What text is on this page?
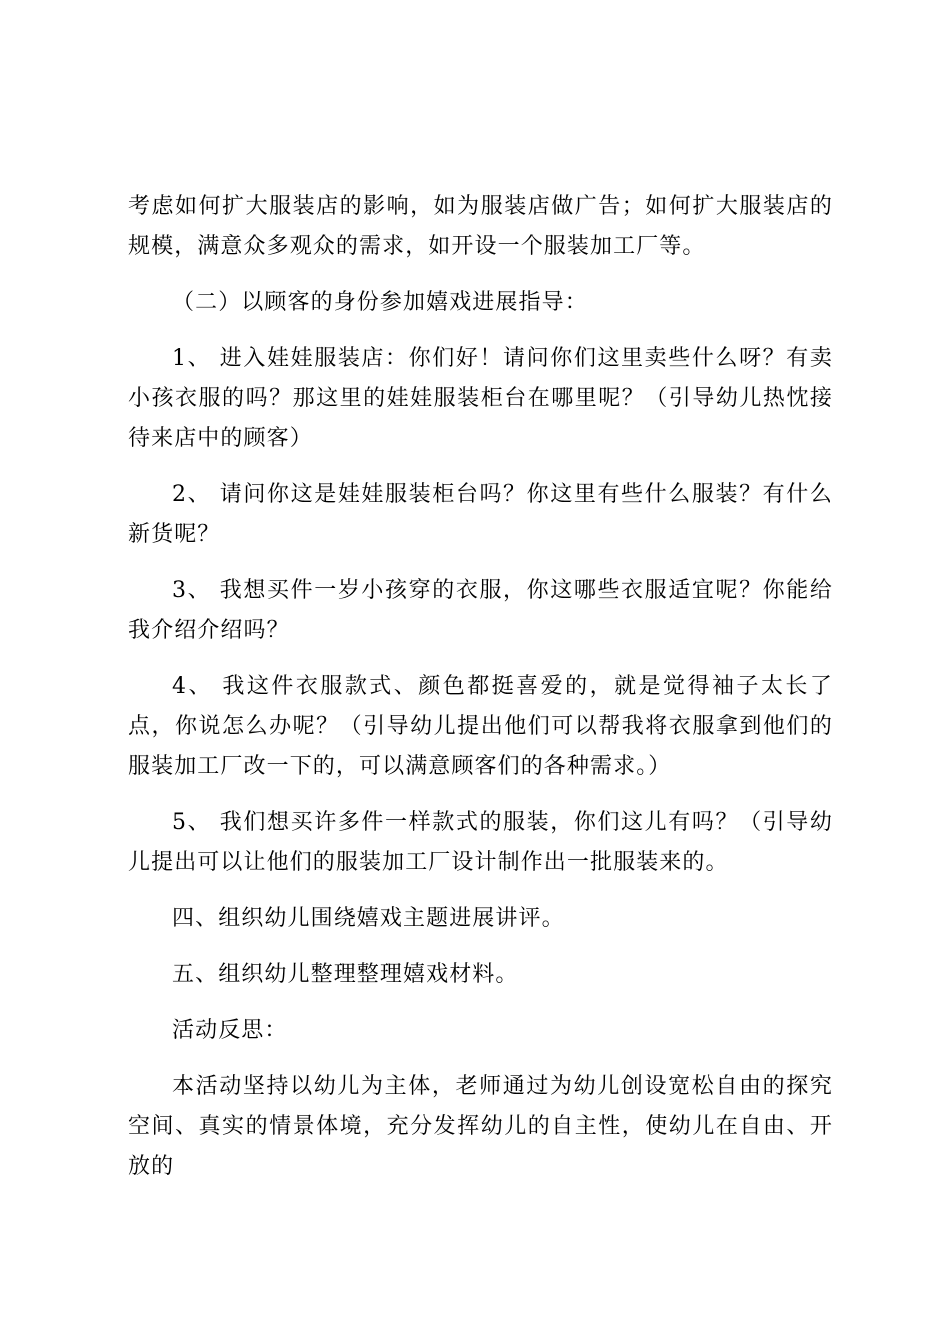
考虑如何扩大服装店的影响，如为服装店做广告；如何扩大服装店的规模，满意众多观众的需求，如开设一个服装加工厂等。

（二）以顾客的身份参加嬉戏进展指导：

1、 进入娃娃服装店：你们好！请问你们这里卖些什么呀？有卖小孩衣服的吗？那这里的娃娃服装柜台在哪里呢？（引导幼儿热忱接待来店中的顾客）

2、 请问你这是娃娃服装柜台吗？你这里有些什么服装？有什么新货呢？

3、 我想买件一岁小孩穿的衣服，你这哪些衣服适宜呢？你能给我介绍介绍吗？

4、 我这件衣服款式、颜色都挺喜爱的，就是觉得袖子太长了点，你说怎么办呢？（引导幼儿提出他们可以帮我将衣服拿到他们的服装加工厂改一下的，可以满意顾客们的各种需求。）

5、 我们想买许多件一样款式的服装，你们这儿有吗？（引导幼儿提出可以让他们的服装加工厂设计制作出一批服装来的。

四、组织幼儿围绕嬉戏主题进展讲评。

五、组织幼儿整理整理嬉戏材料。

活动反思：

本活动坚持以幼儿为主体，老师通过为幼儿创设宽松自由的探究空间、真实的情景体境，充分发挥幼儿的自主性，使幼儿在自由、开放的
